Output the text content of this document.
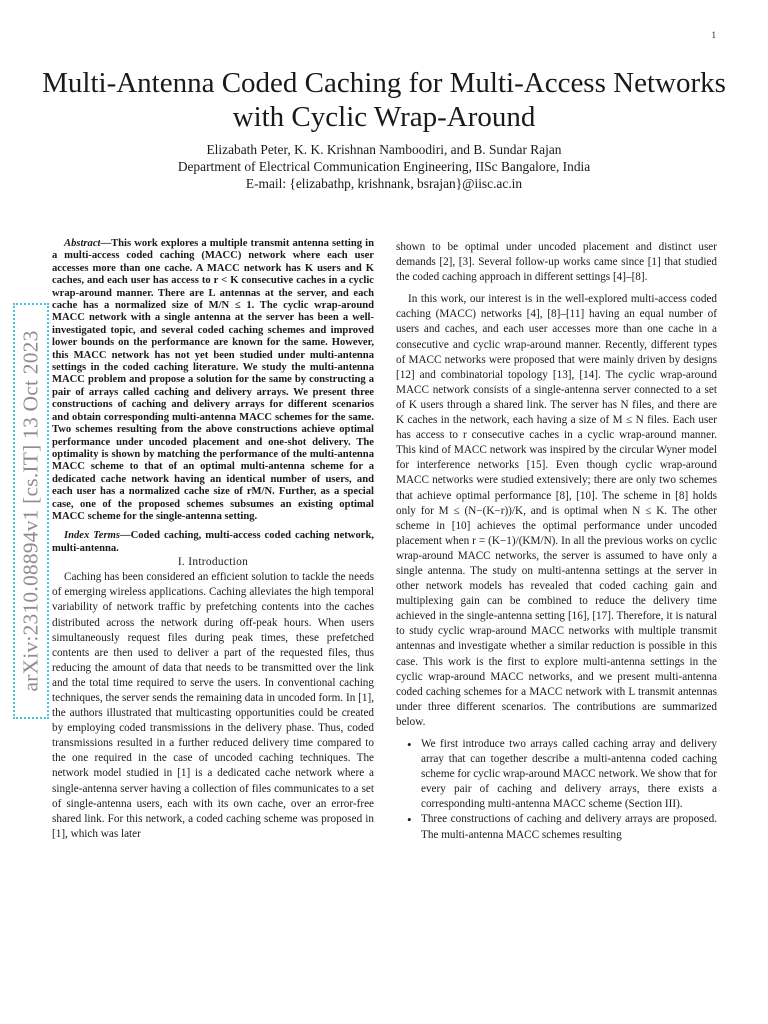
1
Multi-Antenna Coded Caching for Multi-Access Networks with Cyclic Wrap-Around
Elizabath Peter, K. K. Krishnan Namboodiri, and B. Sundar Rajan
Department of Electrical Communication Engineering, IISc Bangalore, India
E-mail: {elizabathp, krishnank, bsrajan}@iisc.ac.in
arXiv:2310.08894v1 [cs.IT] 13 Oct 2023

Abstract—This work explores a multiple transmit antenna setting in a multi-access coded caching (MACC) network where each user accesses more than one cache. A MACC network has K users and K caches, and each user has access to r < K consecutive caches in a cyclic wrap-around manner. There are L antennas at the server, and each cache has a normalized size of M/N ≤ 1. The cyclic wrap-around MACC network with a single antenna at the server has been a well-investigated topic, and several coded caching schemes and improved lower bounds on the performance are known for the same. However, this MACC network has not yet been studied under multi-antenna settings in the coded caching literature. We study the multi-antenna MACC problem and propose a solution for the same by constructing a pair of arrays called caching and delivery arrays. We present three constructions of caching and delivery arrays for different scenarios and obtain corresponding multi-antenna MACC schemes for the same. Two schemes resulting from the above constructions achieve optimal performance under uncoded placement and one-shot delivery. The optimality is shown by matching the performance of the multi-antenna MACC scheme to that of an optimal multi-antenna scheme for a dedicated cache network having an identical number of users, and each user has a normalized cache size of rM/N. Further, as a special case, one of the proposed schemes subsumes an existing optimal MACC scheme for the single-antenna setting.

Index Terms—Coded caching, multi-access coded caching network, multi-antenna.

I. Introduction

Caching has been considered an efficient solution to tackle the needs of emerging wireless applications. Caching alleviates the high temporal variability of network traffic by prefetching contents into the caches distributed across the network during off-peak hours. When users simultaneously request files during peak times, these prefetched contents are then used to deliver a part of the requested files, thus reducing the amount of data that needs to be transmitted over the link and the total time required to serve the users. In conventional caching techniques, the server sends the remaining data in uncoded form. In [1], the authors illustrated that multicasting opportunities could be created by employing coded transmissions in the delivery phase. Thus, coded transmissions resulted in a further reduced delivery time compared to the one required in the case of uncoded caching techniques. The network model studied in [1] is a dedicated cache network where a single-antenna server having a collection of files communicates to a set of single-antenna users, each with its own cache, over an error-free shared link. For this network, a coded caching scheme was proposed in [1], which was later

shown to be optimal under uncoded placement and distinct user demands [2], [3]. Several follow-up works came since [1] that studied the coded caching approach in different settings [4]–[8].

In this work, our interest is in the well-explored multi-access coded caching (MACC) networks [4], [8]–[11] having an equal number of users and caches, and each user accesses more than one cache in a consecutive and cyclic wrap-around manner. Recently, different types of MACC networks were proposed that were mainly driven by designs [12] and combinatorial topology [13], [14]. The cyclic wrap-around MACC network consists of a single-antenna server connected to a set of K users through a shared link. The server has N files, and there are K caches in the network, each having a size of M ≤ N files. Each user has access to r consecutive caches in a cyclic wrap-around manner. This kind of MACC network was inspired by the circular Wyner model for interference networks [15]. Even though cyclic wrap-around MACC networks were studied extensively; there are only two schemes that achieve optimal performance [8], [10]. The scheme in [8] holds only for M ≤ (N−(K−r))/K, and is optimal when N ≤ K. The other scheme in [10] achieves the optimal performance under uncoded placement when r = (K−1)/(KM/N). In all the previous works on cyclic wrap-around MACC networks, the server is assumed to have only a single antenna. The study on multi-antenna settings at the server in other network models has revealed that coded caching gain and multiplexing gain can be combined to reduce the delivery time achieved in the single-antenna setting [16], [17]. Therefore, it is natural to study cyclic wrap-around MACC networks with multiple transmit antennas and investigate whether a similar reduction is possible in this case. This work is the first to explore multi-antenna settings in the cyclic wrap-around MACC networks, and we present multi-antenna coded caching schemes for a MACC network with L transmit antennas under three different scenarios. The contributions are summarized below.

• We first introduce two arrays called caching array and delivery array that can together describe a multi-antenna coded caching scheme for cyclic wrap-around MACC network. We show that for every pair of caching and delivery arrays, there exists a corresponding multi-antenna MACC scheme (Section III).
• Three constructions of caching and delivery arrays are proposed. The multi-antenna MACC schemes resulting
